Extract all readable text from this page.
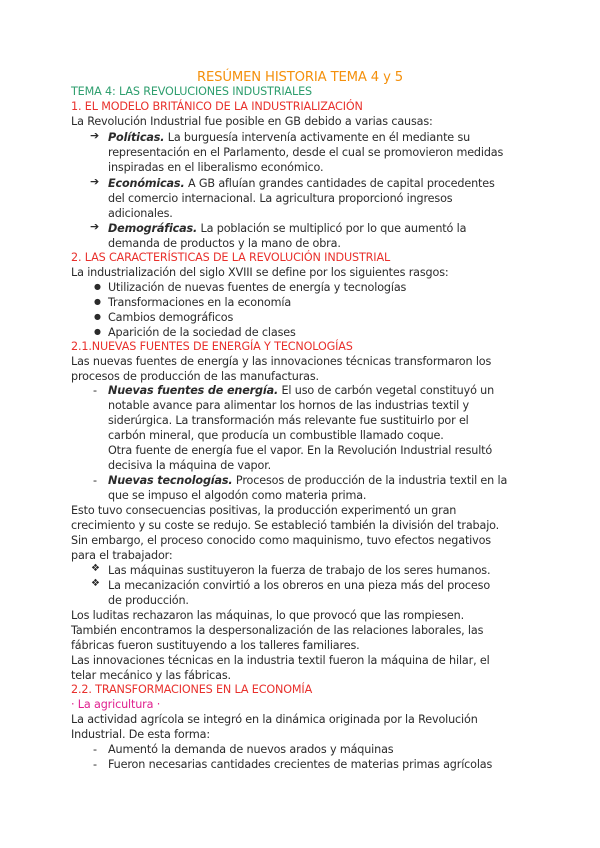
RESÚMEN HISTORIA TEMA 4 y 5
TEMA 4: LAS REVOLUCIONES INDUSTRIALES
1. EL MODELO BRITÁNICO DE LA INDUSTRIALIZACIÓN
La Revolución Industrial fue posible en GB debido a varias causas:
➔ Políticas. La burguesía intervenía activamente en él mediante su
representación en el Parlamento, desde el cual se promovieron medidas
inspiradas en el liberalismo económico.
➔ Económicas. A GB afluían grandes cantidades de capital procedentes
del comercio internacional. La agricultura proporcionó ingresos
adicionales.
➔ Demográficas. La población se multiplicó por lo que aumentó la
demanda de productos y la mano de obra.
2. LAS CARACTERÍSTICAS DE LA REVOLUCIÓN INDUSTRIAL
La industrialización del siglo XVIII se define por los siguientes rasgos:
● Utilización de nuevas fuentes de energía y tecnologías
● Transformaciones en la economía
● Cambios demográficos
● Aparición de la sociedad de clases
2.1.NUEVAS FUENTES DE ENERGÍA Y TECNOLOGÍAS
Las nuevas fuentes de energía y las innovaciones técnicas transformaron los
procesos de producción de las manufacturas.
- Nuevas fuentes de energía. El uso de carbón vegetal constituyó un
notable avance para alimentar los hornos de las industrias textil y
siderúrgica. La transformación más relevante fue sustituirlo por el
carbón mineral, que producía un combustible llamado coque.
Otra fuente de energía fue el vapor. En la Revolución Industrial resultó
decisiva la máquina de vapor.
- Nuevas tecnologías. Procesos de producción de la industria textil en la
que se impuso el algodón como materia prima.
Esto tuvo consecuencias positivas, la producción experimentó un gran
crecimiento y su coste se redujo. Se estableció también la división del trabajo.
Sin embargo, el proceso conocido como maquinismo, tuvo efectos negativos
para el trabajador:
❖ Las máquinas sustituyeron la fuerza de trabajo de los seres humanos.
❖ La mecanización convirtió a los obreros en una pieza más del proceso
de producción.
Los luditas rechazaron las máquinas, lo que provocó que las rompiesen.
También encontramos la despersonalización de las relaciones laborales, las
fábricas fueron sustituyendo a los talleres familiares.
Las innovaciones técnicas en la industria textil fueron la máquina de hilar, el
telar mecánico y las fábricas.
2.2. TRANSFORMACIONES EN LA ECONOMÍA
· La agricultura ·
La actividad agrícola se integró en la dinámica originada por la Revolución
Industrial. De esta forma:
- Aumentó la demanda de nuevos arados y máquinas
- Fueron necesarias cantidades crecientes de materias primas agrícolas
